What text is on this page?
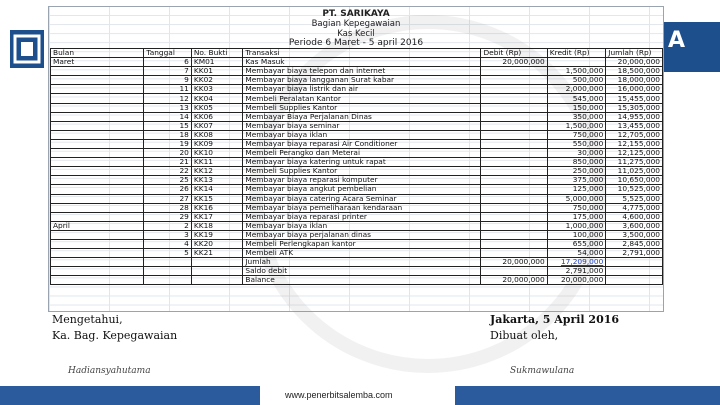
A
PT. SARIKAYA
Bagian Kepegawaian
Kas Kecil
Periode 6 Maret - 5 april 2016
Bulan	Tanggal	No. Bukti	Transaksi	Debit (Rp)	Kredit (Rp)	Jumlah (Rp)
Maret	6	KM01	Kas Masuk	20,000,000		20,000,000
	7	KK01	Membayar biaya telepon dan internet		1,500,000	18,500,000
	9	KK02	Membayar biaya langganan Surat kabar		500,000	18,000,000
	11	KK03	Membayar biaya listrik dan air		2,000,000	16,000,000
	12	KK04	Membeli Peralatan Kantor		545,000	15,455,000
	13	KK05	Membeli Supplies Kantor		150,000	15,305,000
	14	KK06	Membayar Biaya Perjalanan Dinas		350,000	14,955,000
	15	KK07	Membayar biaya seminar		1,500,000	13,455,000
	18	KK08	Membayar biaya iklan		750,000	12,705,000
	19	KK09	Membayar biaya reparasi Air Conditioner		550,000	12,155,000
	20	KK10	Membeli Perangko dan Meterai		30,000	12,125,000
	21	KK11	Membayar biaya katering untuk rapat		850,000	11,275,000
	22	KK12	Membeli Supplies Kantor		250,000	11,025,000
	25	KK13	Membayar biaya reparasi komputer		375,000	10,650,000
	26	KK14	Membayar biaya angkut pembelian		125,000	10,525,000
	27	KK15	Membayar biaya catering Acara Seminar		5,000,000	5,525,000
	28	KK16	Membayar biaya pemeliharaan kendaraan		750,000	4,775,000
	29	KK17	Membayar biaya reparasi printer		175,000	4,600,000
April	2	KK18	Membayar biaya iklan		1,000,000	3,600,000
	3	KK19	Membayar biaya perjalanan dinas		100,000	3,500,000
	4	KK20	Membeli Perlengkapan kantor		655,000	2,845,000
	5	KK21	Membeli ATK		54,000	2,791,000
			Jumlah	20,000,000	17,209,000	
			Saldo debit		2,791,000	
			Balance	20,000,000	20,000,000	
Mengetahui,
Ka. Bag. Kepegawaian
Jakarta, 5 April 2016
Dibuat oleh,
Hadiansyahutama	Sukmawulana
www.penerbitsalemba.com
